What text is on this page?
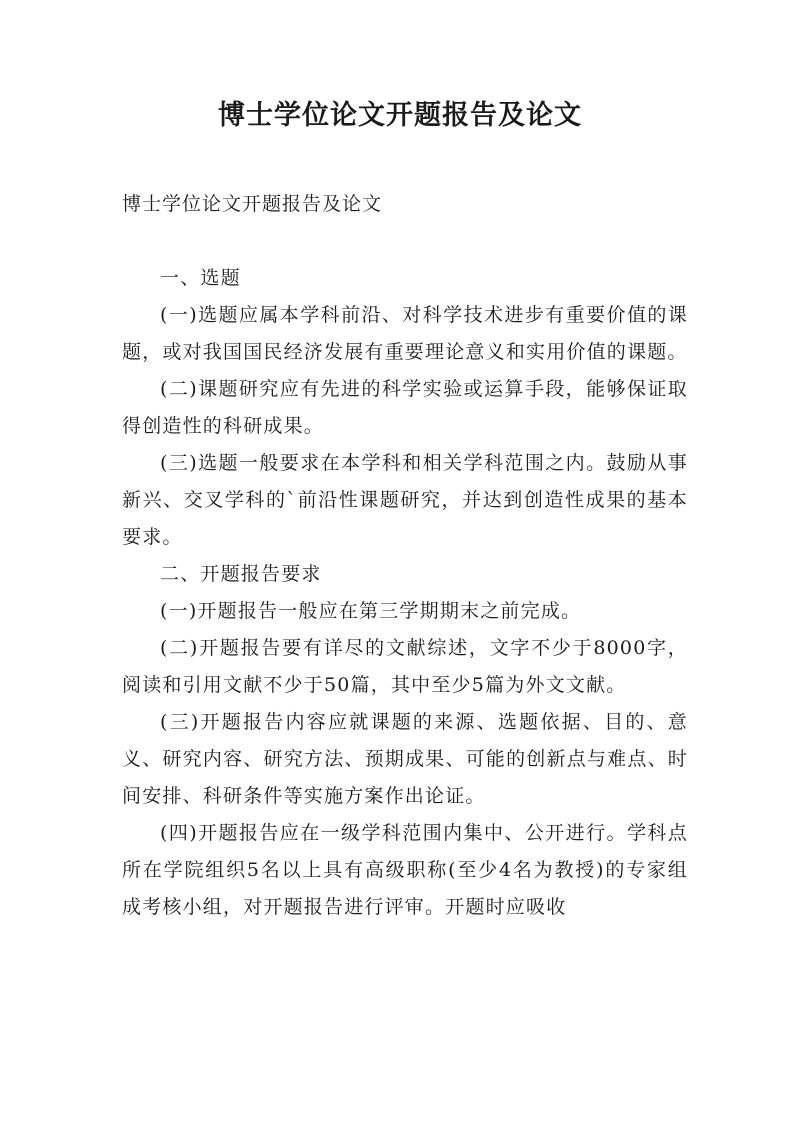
博士学位论文开题报告及论文

博士学位论文开题报告及论文

一、选题

(一)选题应属本学科前沿、对科学技术进步有重要价值的课题，或对我国国民经济发展有重要理论意义和实用价值的课题。

(二)课题研究应有先进的科学实验或运算手段，能够保证取得创造性的科研成果。

(三)选题一般要求在本学科和相关学科范围之内。鼓励从事新兴、交叉学科的`前沿性课题研究，并达到创造性成果的基本要求。

二、开题报告要求

(一)开题报告一般应在第三学期期末之前完成。

(二)开题报告要有详尽的文献综述，文字不少于8000字，阅读和引用文献不少于50篇，其中至少5篇为外文文献。

(三)开题报告内容应就课题的来源、选题依据、目的、意义、研究内容、研究方法、预期成果、可能的创新点与难点、时间安排、科研条件等实施方案作出论证。

(四)开题报告应在一级学科范围内集中、公开进行。学科点所在学院组织5名以上具有高级职称(至少4名为教授)的专家组成考核小组，对开题报告进行评审。开题时应吸收
